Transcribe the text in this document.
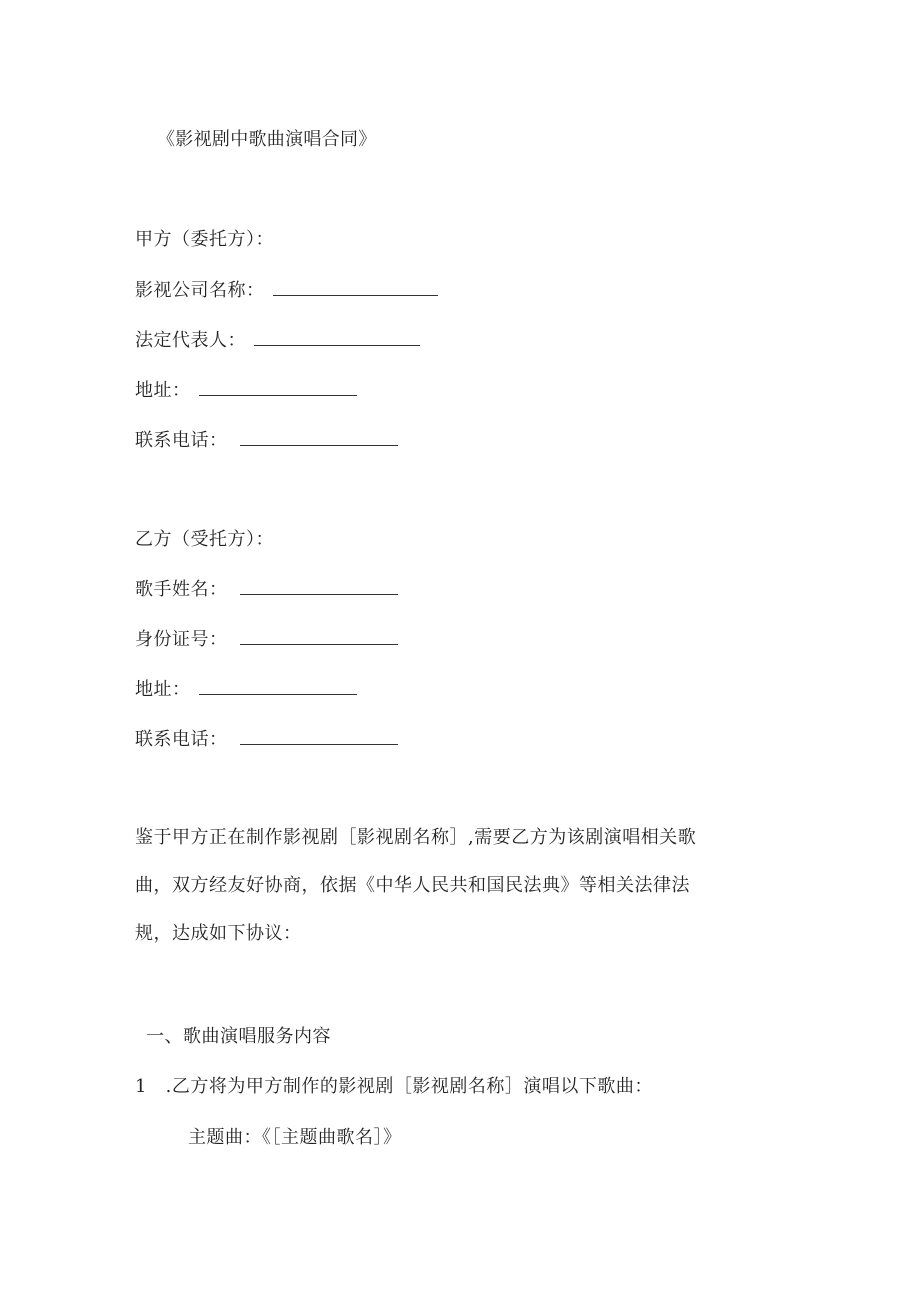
《影视剧中歌曲演唱合同》
甲方（委托方）：
影视公司名称：
法定代表人：
地址：
联系电话：
乙方（受托方）：
歌手姓名：
身份证号：
地址：
联系电话：
鉴于甲方正在制作影视剧［影视剧名称］,需要乙方为该剧演唱相关歌
曲，双方经友好协商，依据《中华人民共和国民法典》等相关法律法
规，达成如下协议：
一、歌曲演唱服务内容
1   .乙方将为甲方制作的影视剧［影视剧名称］演唱以下歌曲：
主题曲：《［主题曲歌名］》
